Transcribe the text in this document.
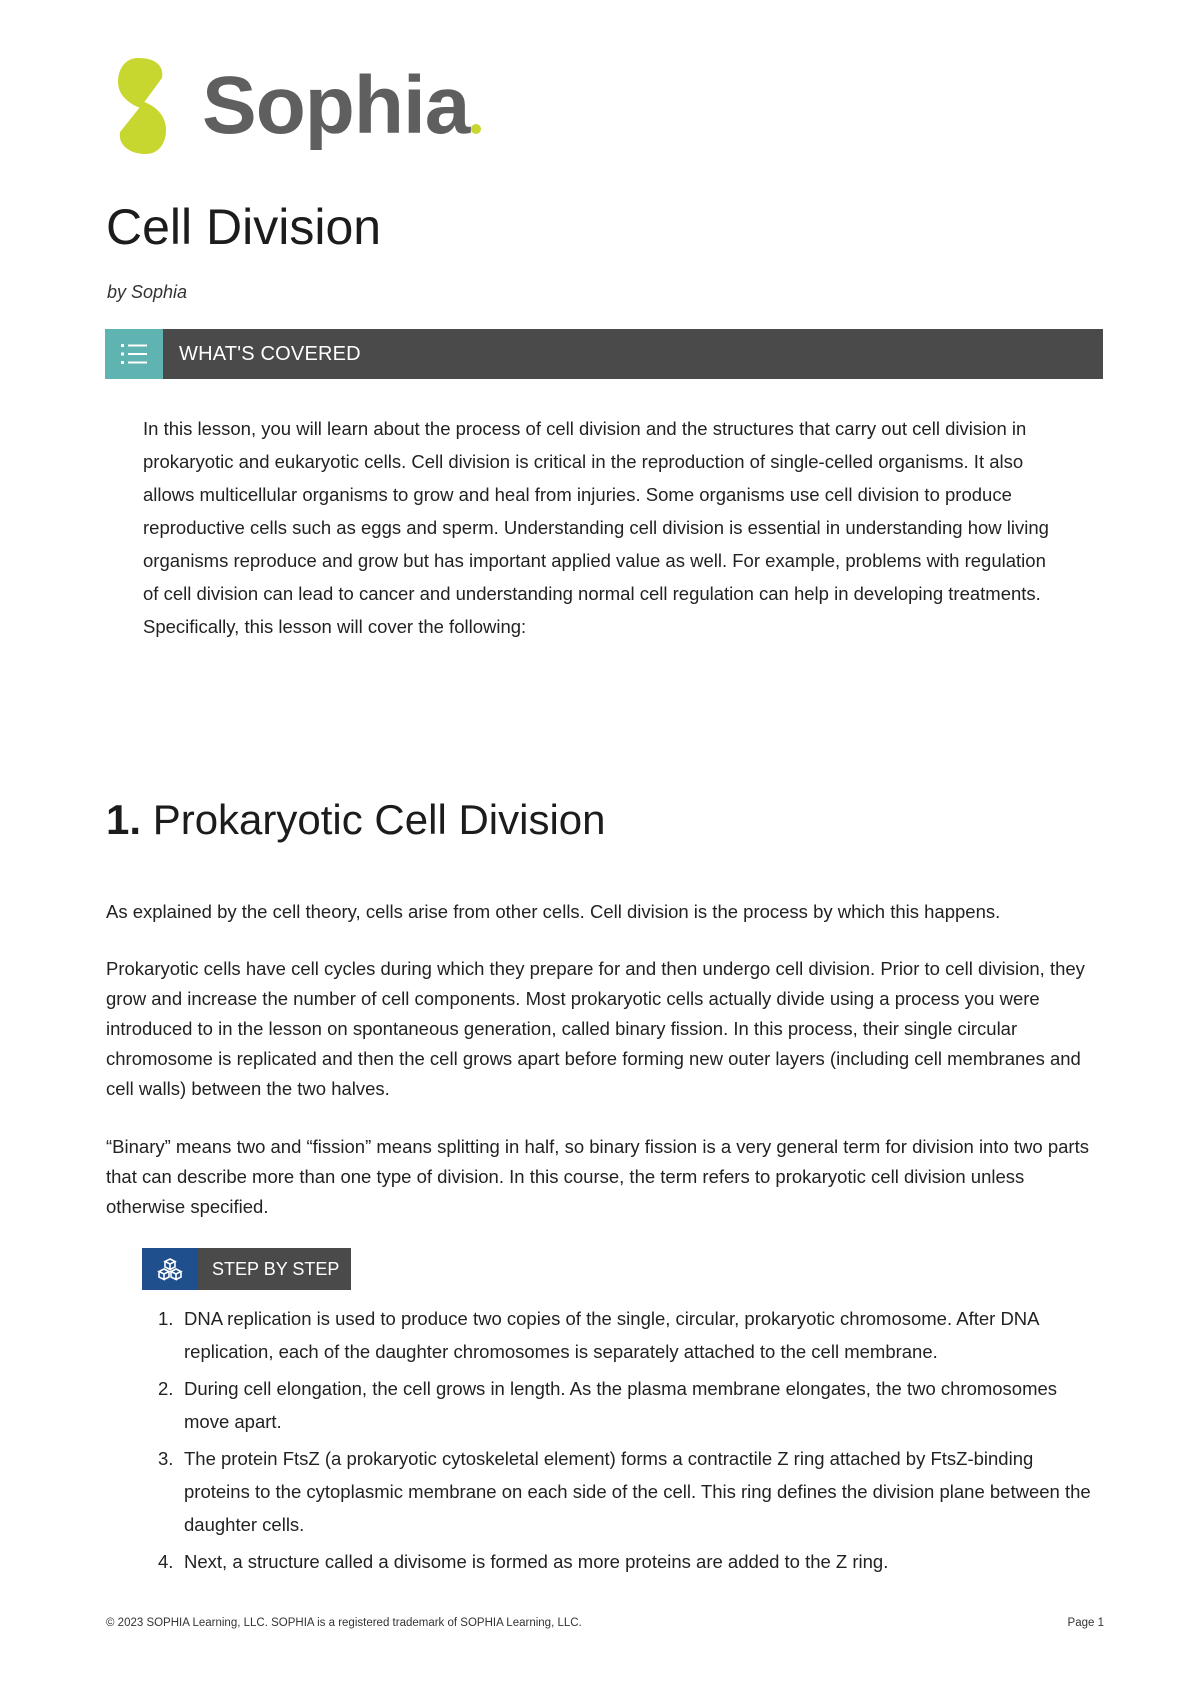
Sophia
Cell Division
by Sophia
WHAT'S COVERED

In this lesson, you will learn about the process of cell division and the structures that carry out cell division in prokaryotic and eukaryotic cells. Cell division is critical in the reproduction of single-celled organisms. It also allows multicellular organisms to grow and heal from injuries. Some organisms use cell division to produce reproductive cells such as eggs and sperm. Understanding cell division is essential in understanding how living organisms reproduce and grow but has important applied value as well. For example, problems with regulation of cell division can lead to cancer and understanding normal cell regulation can help in developing treatments. Specifically, this lesson will cover the following:

1. Prokaryotic Cell Division

As explained by the cell theory, cells arise from other cells. Cell division is the process by which this happens.

Prokaryotic cells have cell cycles during which they prepare for and then undergo cell division. Prior to cell division, they grow and increase the number of cell components. Most prokaryotic cells actually divide using a process you were introduced to in the lesson on spontaneous generation, called binary fission. In this process, their single circular chromosome is replicated and then the cell grows apart before forming new outer layers (including cell membranes and cell walls) between the two halves.

“Binary” means two and “fission” means splitting in half, so binary fission is a very general term for division into two parts that can describe more than one type of division. In this course, the term refers to prokaryotic cell division unless otherwise specified.

STEP BY STEP
1. DNA replication is used to produce two copies of the single, circular, prokaryotic chromosome. After DNA replication, each of the daughter chromosomes is separately attached to the cell membrane.
2. During cell elongation, the cell grows in length. As the plasma membrane elongates, the two chromosomes move apart.
3. The protein FtsZ (a prokaryotic cytoskeletal element) forms a contractile Z ring attached by FtsZ-binding proteins to the cytoplasmic membrane on each side of the cell. This ring defines the division plane between the daughter cells.
4. Next, a structure called a divisome is formed as more proteins are added to the Z ring.
© 2023 SOPHIA Learning, LLC. SOPHIA is a registered trademark of SOPHIA Learning, LLC.	Page 1
